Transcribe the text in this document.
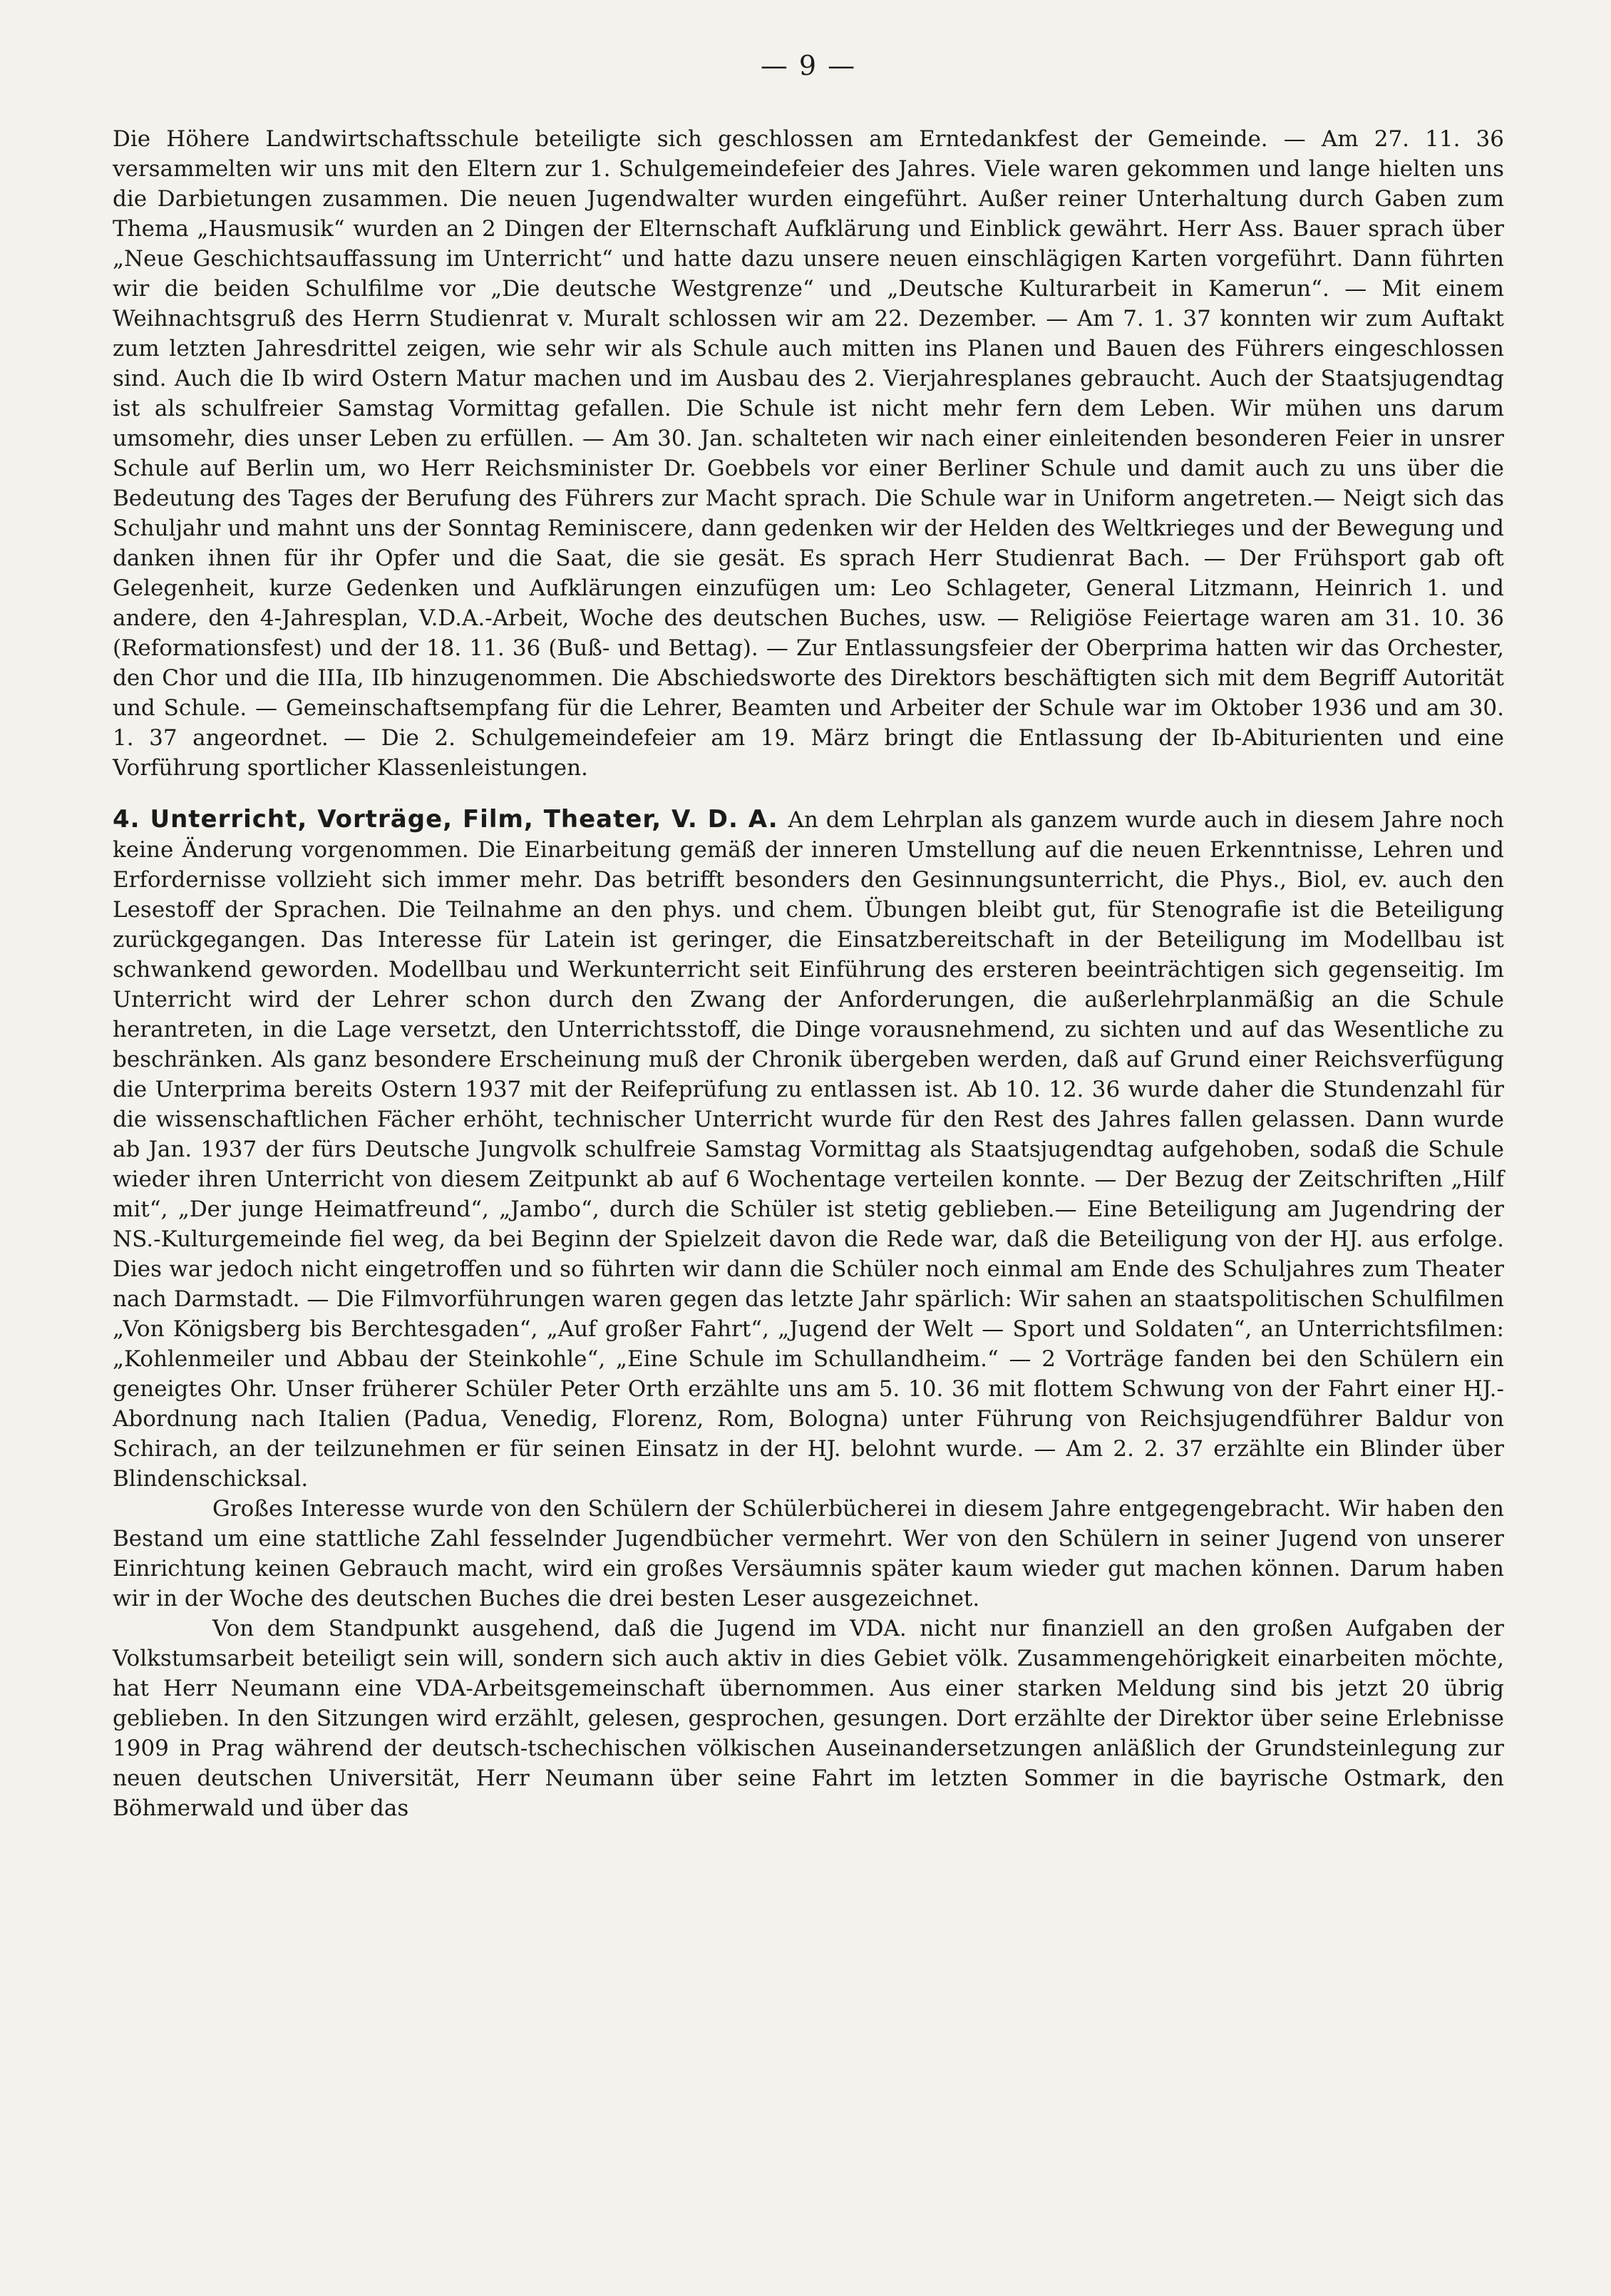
— 9 —

Die Höhere Landwirtschaftsschule beteiligte sich geschlossen am Erntedankfest der Gemeinde. — Am 27. 11. 36 versammelten wir uns mit den Eltern zur 1. Schulgemeindefeier des Jahres. Viele waren gekommen und lange hielten uns die Darbietungen zusammen. Die neuen Jugendwalter wurden eingeführt. Außer reiner Unterhaltung durch Gaben zum Thema „Hausmusik“ wurden an 2 Dingen der Elternschaft Aufklärung und Einblick gewährt. Herr Ass. Bauer sprach über „Neue Geschichtsauffassung im Unterricht“ und hatte dazu unsere neuen einschlägigen Karten vorgeführt. Dann führten wir die beiden Schulfilme vor „Die deutsche Westgrenze“ und „Deutsche Kulturarbeit in Kamerun“. — Mit einem Weihnachtsgruß des Herrn Studienrat v. Muralt schlossen wir am 22. Dezember. — Am 7. 1. 37 konnten wir zum Auftakt zum letzten Jahresdrittel zeigen, wie sehr wir als Schule auch mitten ins Planen und Bauen des Führers eingeschlossen sind. Auch die Ib wird Ostern Matur machen und im Ausbau des 2. Vierjahresplanes gebraucht. Auch der Staatsjugendtag ist als schulfreier Samstag Vormittag gefallen. Die Schule ist nicht mehr fern dem Leben. Wir mühen uns darum umsomehr, dies unser Leben zu erfüllen. — Am 30. Jan. schalteten wir nach einer einleitenden besonderen Feier in unsrer Schule auf Berlin um, wo Herr Reichsminister Dr. Goebbels vor einer Berliner Schule und damit auch zu uns über die Bedeutung des Tages der Berufung des Führers zur Macht sprach. Die Schule war in Uniform angetreten.— Neigt sich das Schuljahr und mahnt uns der Sonntag Reminiscere, dann gedenken wir der Helden des Weltkrieges und der Bewegung und danken ihnen für ihr Opfer und die Saat, die sie gesät. Es sprach Herr Studienrat Bach. — Der Frühsport gab oft Gelegenheit, kurze Gedenken und Aufklärungen einzufügen um: Leo Schlageter, General Litzmann, Heinrich 1. und andere, den 4-Jahresplan, V.D.A.-Arbeit, Woche des deutschen Buches, usw. — Religiöse Feiertage waren am 31. 10. 36 (Reformationsfest) und der 18. 11. 36 (Buß- und Bettag). — Zur Entlassungsfeier der Oberprima hatten wir das Orchester, den Chor und die IIIa, IIb hinzugenommen. Die Abschiedsworte des Direktors beschäftigten sich mit dem Begriff Autorität und Schule. — Gemeinschaftsempfang für die Lehrer, Beamten und Arbeiter der Schule war im Oktober 1936 und am 30. 1. 37 angeordnet. — Die 2. Schulgemeindefeier am 19. März bringt die Entlassung der Ib-Abiturienten und eine Vorführung sportlicher Klassenleistungen.

4. Unterricht, Vorträge, Film, Theater, V. D. A. An dem Lehrplan als ganzem wurde auch in diesem Jahre noch keine Änderung vorgenommen. Die Einarbeitung gemäß der inneren Umstellung auf die neuen Erkenntnisse, Lehren und Erfordernisse vollzieht sich immer mehr. Das betrifft besonders den Gesinnungsunterricht, die Phys., Biol, ev. auch den Lesestoff der Sprachen. Die Teilnahme an den phys. und chem. Übungen bleibt gut, für Stenografie ist die Beteiligung zurückgegangen. Das Interesse für Latein ist geringer, die Einsatzbereitschaft in der Beteiligung im Modellbau ist schwankend geworden. Modellbau und Werkunterricht seit Einführung des ersteren beeinträchtigen sich gegenseitig. Im Unterricht wird der Lehrer schon durch den Zwang der Anforderungen, die außerlehrplanmäßig an die Schule herantreten, in die Lage versetzt, den Unterrichtsstoff, die Dinge vorausnehmend, zu sichten und auf das Wesentliche zu beschränken. Als ganz besondere Erscheinung muß der Chronik übergeben werden, daß auf Grund einer Reichsverfügung die Unterprima bereits Ostern 1937 mit der Reifeprüfung zu entlassen ist. Ab 10. 12. 36 wurde daher die Stundenzahl für die wissenschaftlichen Fächer erhöht, technischer Unterricht wurde für den Rest des Jahres fallen gelassen. Dann wurde ab Jan. 1937 der fürs Deutsche Jungvolk schulfreie Samstag Vormittag als Staatsjugendtag aufgehoben, sodaß die Schule wieder ihren Unterricht von diesem Zeitpunkt ab auf 6 Wochentage verteilen konnte. — Der Bezug der Zeitschriften „Hilf mit“, „Der junge Heimatfreund“, „Jambo“, durch die Schüler ist stetig geblieben.— Eine Beteiligung am Jugendring der NS.-Kulturgemeinde fiel weg, da bei Beginn der Spielzeit davon die Rede war, daß die Beteiligung von der HJ. aus erfolge. Dies war jedoch nicht eingetroffen und so führten wir dann die Schüler noch einmal am Ende des Schuljahres zum Theater nach Darmstadt. — Die Filmvorführungen waren gegen das letzte Jahr spärlich: Wir sahen an staatspolitischen Schulfilmen „Von Königsberg bis Berchtesgaden“, „Auf großer Fahrt“, „Jugend der Welt — Sport und Soldaten“, an Unterrichtsfilmen: „Kohlenmeiler und Abbau der Steinkohle“, „Eine Schule im Schullandheim.“ — 2 Vorträge fanden bei den Schülern ein geneigtes Ohr. Unser früherer Schüler Peter Orth erzählte uns am 5. 10. 36 mit flottem Schwung von der Fahrt einer HJ.-Abordnung nach Italien (Padua, Venedig, Florenz, Rom, Bologna) unter Führung von Reichsjugendführer Baldur von Schirach, an der teilzunehmen er für seinen Einsatz in der HJ. belohnt wurde. — Am 2. 2. 37 erzählte ein Blinder über Blindenschicksal.

Großes Interesse wurde von den Schülern der Schülerbücherei in diesem Jahre entgegengebracht. Wir haben den Bestand um eine stattliche Zahl fesselnder Jugendbücher vermehrt. Wer von den Schülern in seiner Jugend von unserer Einrichtung keinen Gebrauch macht, wird ein großes Versäumnis später kaum wieder gut machen können. Darum haben wir in der Woche des deutschen Buches die drei besten Leser ausgezeichnet.

Von dem Standpunkt ausgehend, daß die Jugend im VDA. nicht nur finanziell an den großen Aufgaben der Volkstumsarbeit beteiligt sein will, sondern sich auch aktiv in dies Gebiet völk. Zusammengehörigkeit einarbeiten möchte, hat Herr Neumann eine VDA-Arbeitsgemeinschaft übernommen. Aus einer starken Meldung sind bis jetzt 20 übrig geblieben. In den Sitzungen wird erzählt, gelesen, gesprochen, gesungen. Dort erzählte der Direktor über seine Erlebnisse 1909 in Prag während der deutsch-tschechischen völkischen Auseinandersetzungen anläßlich der Grundsteinlegung zur neuen deutschen Universität, Herr Neumann über seine Fahrt im letzten Sommer in die bayrische Ostmark, den Böhmerwald und über das
